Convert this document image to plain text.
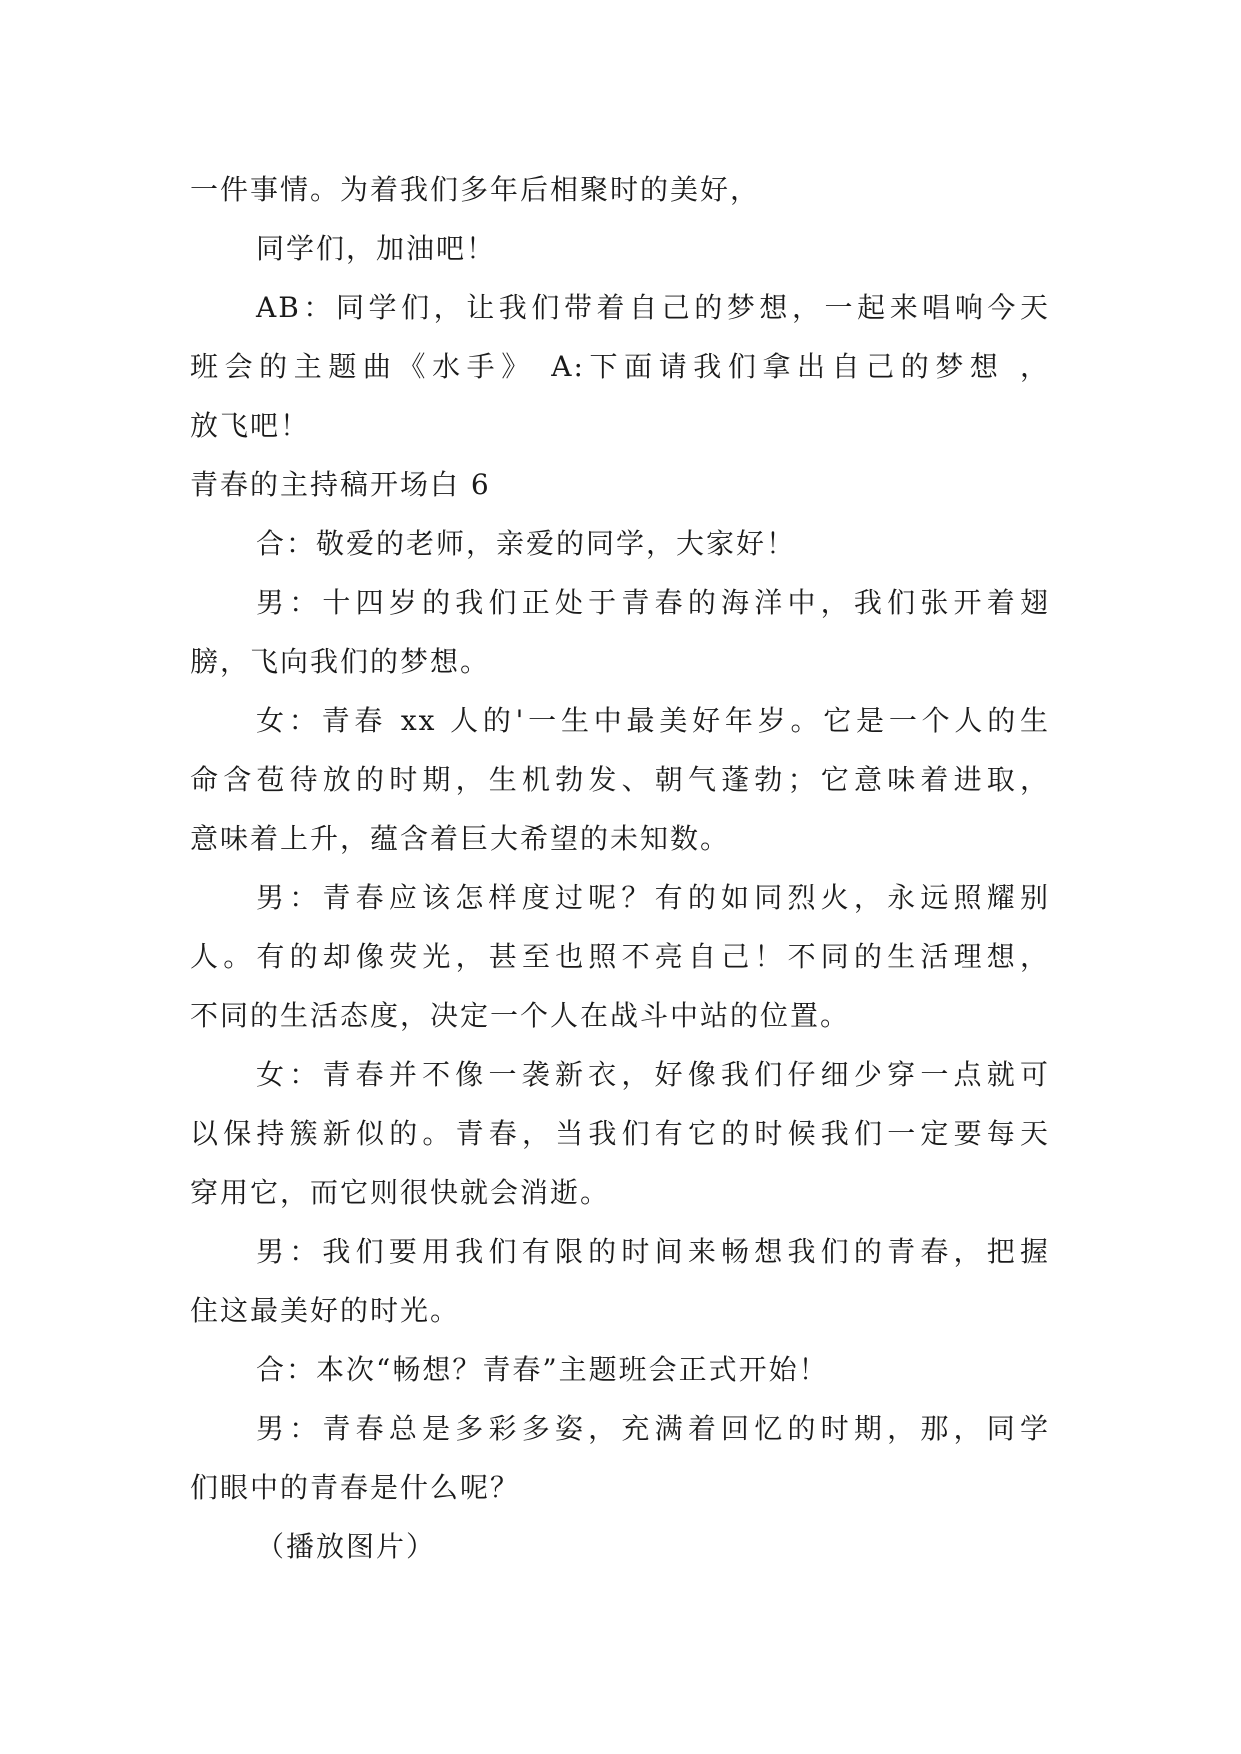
一件事情。为着我们多年后相聚时的美好，
同学们，加油吧！
AB：同学们，让我们带着自己的梦想，一起来唱响今天
班会的主题曲《水手》 A:下面请我们拿出自己的梦想 ，
放飞吧！
青春的主持稿开场白 6
合：敬爱的老师，亲爱的同学，大家好！
男：十四岁的我们正处于青春的海洋中，我们张开着翅
膀，飞向我们的梦想。
女：青春 xx 人的'一生中最美好年岁。它是一个人的生
命含苞待放的时期，生机勃发、朝气蓬勃；它意味着进取，
意味着上升，蕴含着巨大希望的未知数。
男：青春应该怎样度过呢？有的如同烈火，永远照耀别
人。有的却像荧光，甚至也照不亮自己！不同的生活理想，
不同的生活态度，决定一个人在战斗中站的位置。
女：青春并不像一袭新衣，好像我们仔细少穿一点就可
以保持簇新似的。青春，当我们有它的时候我们一定要每天
穿用它，而它则很快就会消逝。
男：我们要用我们有限的时间来畅想我们的青春，把握
住这最美好的时光。
合：本次“畅想？青春”主题班会正式开始！
男：青春总是多彩多姿，充满着回忆的时期，那，同学
们眼中的青春是什么呢？
（播放图片）
